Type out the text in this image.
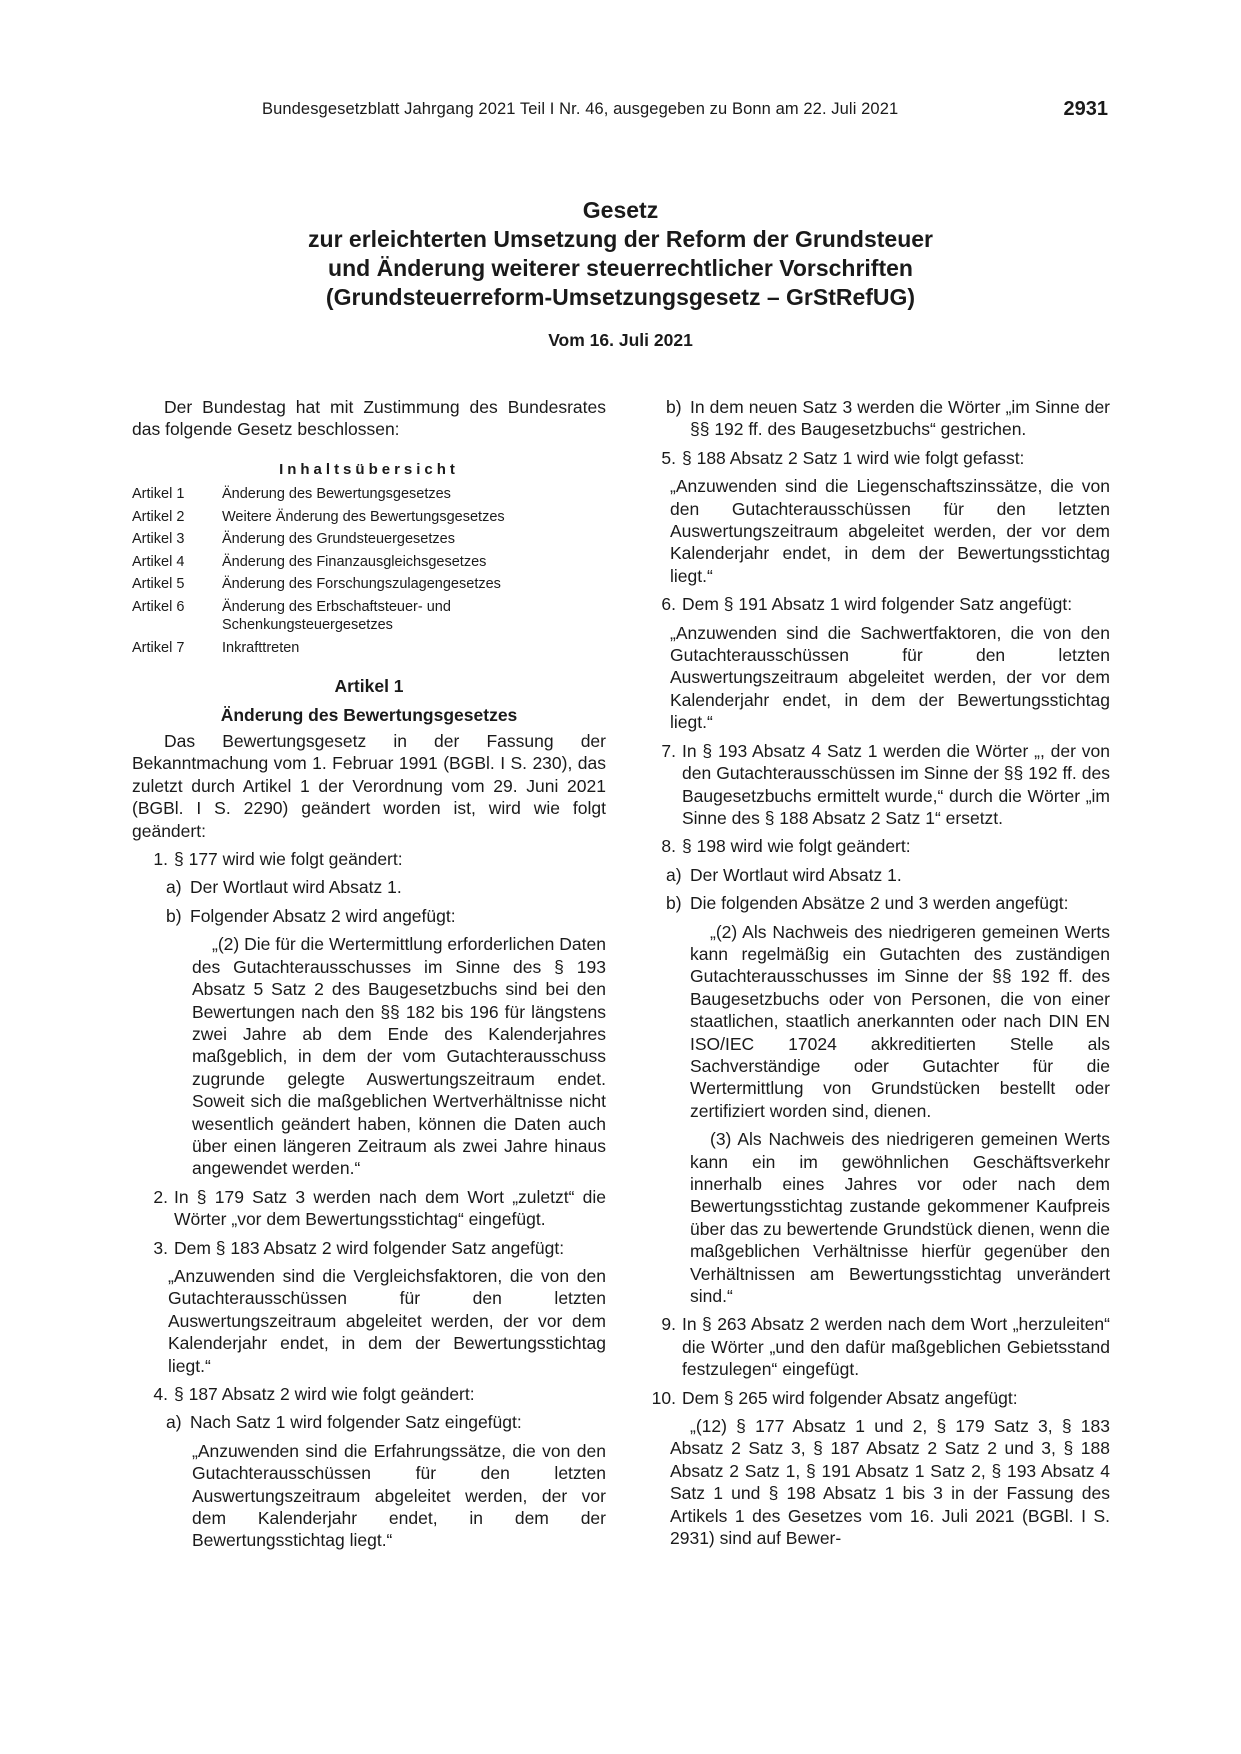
Bundesgesetzblatt Jahrgang 2021 Teil I Nr. 46, ausgegeben zu Bonn am 22. Juli 2021	2931
Gesetz
zur erleichterten Umsetzung der Reform der Grundsteuer
und Änderung weiterer steuerrechtlicher Vorschriften
(Grundsteuerreform-Umsetzungsgesetz – GrStRefUG)
Vom 16. Juli 2021

Der Bundestag hat mit Zustimmung des Bundesrates das folgende Gesetz beschlossen:

Inhaltsübersicht
Artikel 1	Änderung des Bewertungsgesetzes
Artikel 2	Weitere Änderung des Bewertungsgesetzes
Artikel 3	Änderung des Grundsteuergesetzes
Artikel 4	Änderung des Finanzausgleichsgesetzes
Artikel 5	Änderung des Forschungszulagengesetzes
Artikel 6	Änderung des Erbschaftsteuer- und Schenkungsteuergesetzes
Artikel 7	Inkrafttreten
Artikel 1
Änderung des Bewertungsgesetzes

Das Bewertungsgesetz in der Fassung der Bekanntmachung vom 1. Februar 1991 (BGBl. I S. 230), das zuletzt durch Artikel 1 der Verordnung vom 29. Juni 2021 (BGBl. I S. 2290) geändert worden ist, wird wie folgt geändert:

1. § 177 wird wie folgt geändert:
a) Der Wortlaut wird Absatz 1.
b) Folgender Absatz 2 wird angefügt:

„(2) Die für die Wertermittlung erforderlichen Daten des Gutachterausschusses im Sinne des § 193 Absatz 5 Satz 2 des Baugesetzbuchs sind bei den Bewertungen nach den §§ 182 bis 196 für längstens zwei Jahre ab dem Ende des Kalenderjahres maßgeblich, in dem der vom Gutachterausschuss zugrunde gelegte Auswertungszeitraum endet. Soweit sich die maßgeblichen Wertverhältnisse nicht wesentlich geändert haben, können die Daten auch über einen längeren Zeitraum als zwei Jahre hinaus angewendet werden.“

2. In § 179 Satz 3 werden nach dem Wort „zuletzt“ die Wörter „vor dem Bewertungsstichtag“ eingefügt.
3. Dem § 183 Absatz 2 wird folgender Satz angefügt:

„Anzuwenden sind die Vergleichsfaktoren, die von den Gutachterausschüssen für den letzten Auswertungszeitraum abgeleitet werden, der vor dem Kalenderjahr endet, in dem der Bewertungsstichtag liegt.“

4. § 187 Absatz 2 wird wie folgt geändert:
a) Nach Satz 1 wird folgender Satz eingefügt:

„Anzuwenden sind die Erfahrungssätze, die von den Gutachterausschüssen für den letzten Auswertungszeitraum abgeleitet werden, der vor dem Kalenderjahr endet, in dem der Bewertungsstichtag liegt.“

b) In dem neuen Satz 3 werden die Wörter „im Sinne der §§ 192 ff. des Baugesetzbuchs“ gestrichen.
5. § 188 Absatz 2 Satz 1 wird wie folgt gefasst:

„Anzuwenden sind die Liegenschaftszinssätze, die von den Gutachterausschüssen für den letzten Auswertungszeitraum abgeleitet werden, der vor dem Kalenderjahr endet, in dem der Bewertungsstichtag liegt.“

6. Dem § 191 Absatz 1 wird folgender Satz angefügt:

„Anzuwenden sind die Sachwertfaktoren, die von den Gutachterausschüssen für den letzten Auswertungszeitraum abgeleitet werden, der vor dem Kalenderjahr endet, in dem der Bewertungsstichtag liegt.“

7. In § 193 Absatz 4 Satz 1 werden die Wörter „, der von den Gutachterausschüssen im Sinne der §§ 192 ff. des Baugesetzbuchs ermittelt wurde,“ durch die Wörter „im Sinne des § 188 Absatz 2 Satz 1“ ersetzt.
8. § 198 wird wie folgt geändert:
a) Der Wortlaut wird Absatz 1.
b) Die folgenden Absätze 2 und 3 werden angefügt:

„(2) Als Nachweis des niedrigeren gemeinen Werts kann regelmäßig ein Gutachten des zuständigen Gutachterausschusses im Sinne der §§ 192 ff. des Baugesetzbuchs oder von Personen, die von einer staatlichen, staatlich anerkannten oder nach DIN EN ISO/IEC 17024 akkreditierten Stelle als Sachverständige oder Gutachter für die Wertermittlung von Grundstücken bestellt oder zertifiziert worden sind, dienen.

(3) Als Nachweis des niedrigeren gemeinen Werts kann ein im gewöhnlichen Geschäftsverkehr innerhalb eines Jahres vor oder nach dem Bewertungsstichtag zustande gekommener Kaufpreis über das zu bewertende Grundstück dienen, wenn die maßgeblichen Verhältnisse hierfür gegenüber den Verhältnissen am Bewertungsstichtag unverändert sind.“

9. In § 263 Absatz 2 werden nach dem Wort „herzuleiten“ die Wörter „und den dafür maßgeblichen Gebietsstand festzulegen“ eingefügt.
10. Dem § 265 wird folgender Absatz angefügt:

„(12) § 177 Absatz 1 und 2, § 179 Satz 3, § 183 Absatz 2 Satz 3, § 187 Absatz 2 Satz 2 und 3, § 188 Absatz 2 Satz 1, § 191 Absatz 1 Satz 2, § 193 Absatz 4 Satz 1 und § 198 Absatz 1 bis 3 in der Fassung des Artikels 1 des Gesetzes vom 16. Juli 2021 (BGBl. I S. 2931) sind auf Bewer-
